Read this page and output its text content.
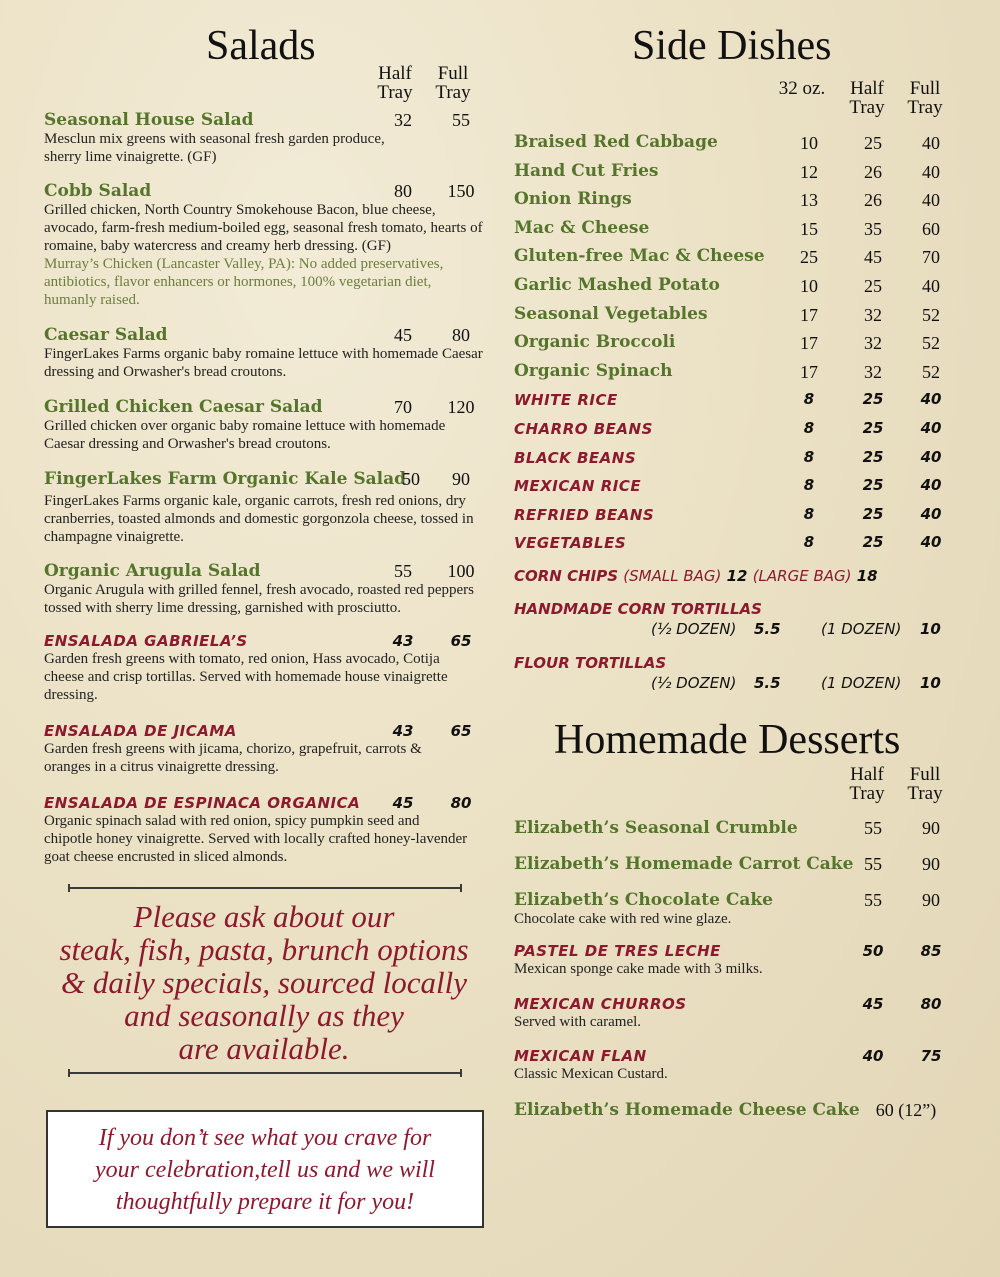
Salads
Half
Tray
Full
Tray
Seasonal House Salad	32	55
Mesclun mix greens with seasonal fresh garden produce, sherry lime vinaigrette. (GF)
Cobb Salad	80	150
Grilled chicken, North Country Smokehouse Bacon, blue cheese, avocado, farm-fresh medium-boiled egg, seasonal fresh tomato, hearts of romaine, baby watercress and creamy herb dressing. (GF)
Murray’s Chicken (Lancaster Valley, PA): No added preservatives, antibiotics, flavor enhancers or hormones, 100% vegetarian diet, humanly raised.
Caesar Salad	45	80
FingerLakes Farms organic baby romaine lettuce with homemade Caesar dressing and Orwasher's bread croutons.
Grilled Chicken Caesar Salad	70	120
Grilled chicken over organic baby romaine lettuce with homemade Caesar dressing and Orwasher's bread croutons.
FingerLakes Farm Organic Kale Salad
50	90
FingerLakes Farms organic kale, organic carrots, fresh red onions, dry cranberries, toasted almonds and domestic gorgonzola cheese, tossed in champagne vinaigrette.
Organic Arugula Salad	55	100
Organic Arugula with grilled fennel, fresh avocado, roasted red peppers tossed with sherry lime dressing, garnished with prosciutto.
ENSALADA GABRIELA’S	43	65
Garden fresh greens with tomato, red onion, Hass avocado, Cotija cheese and crisp tortillas. Served with homemade house vinaigrette dressing.
ENSALADA DE JICAMA	43	65
Garden fresh greens with jicama, chorizo, grapefruit, carrots & oranges in a citrus vinaigrette dressing.
ENSALADA DE ESPINACA ORGANICA	45	80
Organic spinach salad with red onion, spicy pumpkin seed and chipotle honey vinaigrette. Served with locally crafted honey-lavender goat cheese encrusted in sliced almonds.
Please ask about our
steak, fish, pasta, brunch options
& daily specials, sourced locally
and seasonally as they
are available.
If you don’t see what you crave for
your celebration,tell us and we will
thoughtfully prepare it for you!
Side Dishes
32 oz.	Half
Tray
Full
Tray
Braised Red Cabbage	10	25	40
Hand Cut Fries	12	26	40
Onion Rings	13	26	40
Mac & Cheese	15	35	60
Gluten-free Mac & Cheese	25	45	70
Garlic Mashed Potato	10	25	40
Seasonal Vegetables	17	32	52
Organic Broccoli	17	32	52
Organic Spinach	17	32	52
WHITE RICE	8	25	40
CHARRO BEANS	8	25	40
BLACK BEANS	8	25	40
MEXICAN RICE	8	25	40
REFRIED BEANS	8	25	40
VEGETABLES	8	25	40
CORN CHIPS (SMALL BAG) 12 (LARGE BAG) 18
HANDMADE CORN TORTILLAS
(½ DOZEN) 5.5	(1 DOZEN) 10
FLOUR TORTILLAS
(½ DOZEN) 5.5	(1 DOZEN) 10
Homemade Desserts
Half
Tray
Full
Tray
Elizabeth’s Seasonal Crumble	55	90
Elizabeth’s Homemade Carrot Cake 55	90
Elizabeth’s Chocolate Cake	55	90
Chocolate cake with red wine glaze.
PASTEL DE TRES LECHE	50	85
Mexican sponge cake made with 3 milks.
MEXICAN CHURROS	45	80
Served with caramel.
MEXICAN FLAN	40	75
Classic Mexican Custard.
Elizabeth’s Homemade Cheese Cake 60 (12”)
